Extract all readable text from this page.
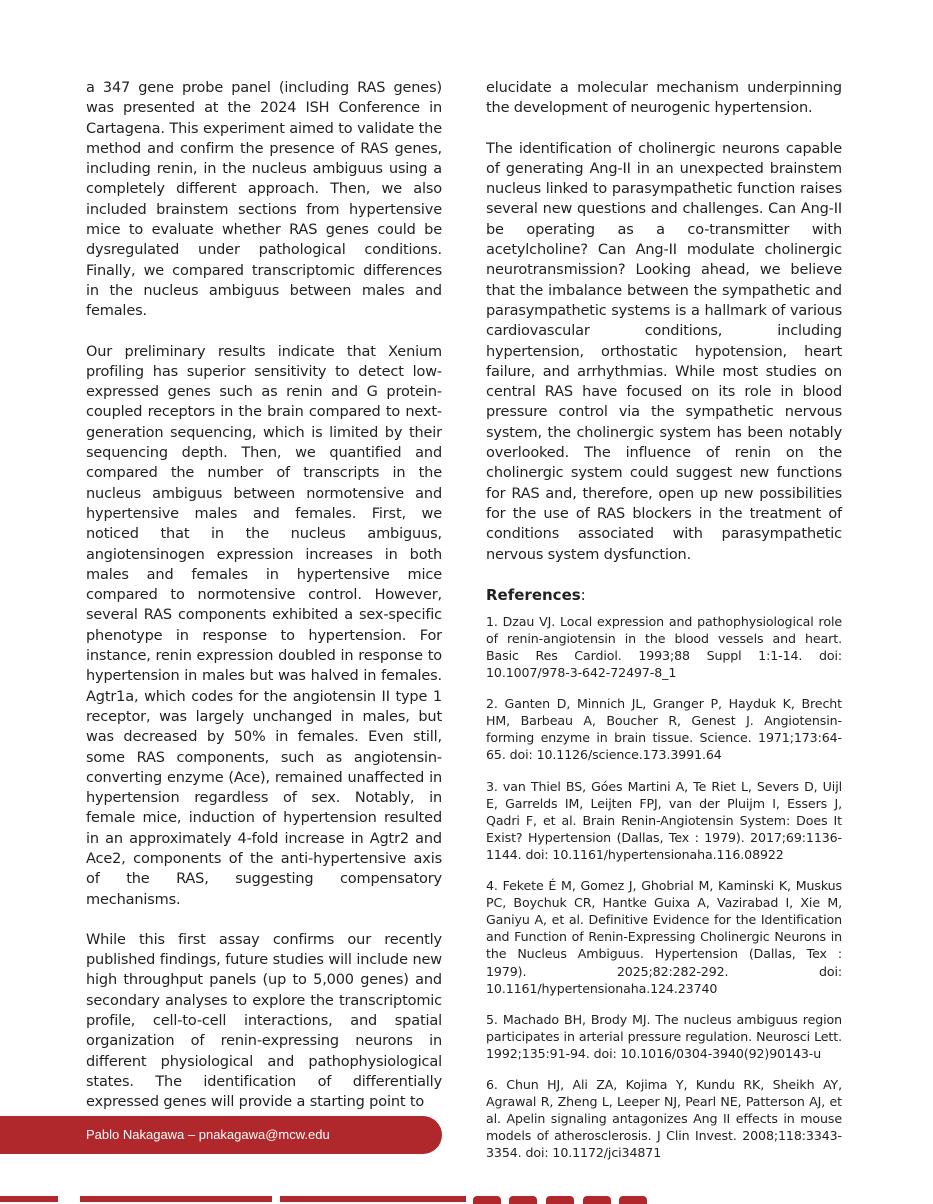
a 347 gene probe panel (including RAS genes) was presented at the 2024 ISH Conference in Cartagena. This experiment aimed to validate the method and confirm the presence of RAS genes, including renin, in the nucleus ambiguus using a completely different approach. Then, we also included brainstem sections from hypertensive mice to evaluate whether RAS genes could be dysregulated under pathological conditions. Finally, we compared transcriptomic differences in the nucleus ambiguus between males and females.

Our preliminary results indicate that Xenium profiling has superior sensitivity to detect low-expressed genes such as renin and G protein-coupled receptors in the brain compared to next-generation sequencing, which is limited by their sequencing depth. Then, we quantified and compared the number of transcripts in the nucleus ambiguus between normotensive and hypertensive males and females. First, we noticed that in the nucleus ambiguus, angiotensinogen expression increases in both males and females in hypertensive mice compared to normotensive control. However, several RAS components exhibited a sex-specific phenotype in response to hypertension. For instance, renin expression doubled in response to hypertension in males but was halved in females. Agtr1a, which codes for the angiotensin II type 1 receptor, was largely unchanged in males, but was decreased by 50% in females. Even still, some RAS components, such as angiotensin-converting enzyme (Ace), remained unaffected in hypertension regardless of sex. Notably, in female mice, induction of hypertension resulted in an approximately 4-fold increase in Agtr2 and Ace2, components of the anti-hypertensive axis of the RAS, suggesting compensatory mechanisms.

While this first assay confirms our recently published findings, future studies will include new high throughput panels (up to 5,000 genes) and secondary analyses to explore the transcriptomic profile, cell-to-cell interactions, and spatial organization of renin-expressing neurons in different physiological and pathophysiological states. The identification of differentially expressed genes will provide a starting point to

elucidate a molecular mechanism underpinning the development of neurogenic hypertension.

The identification of cholinergic neurons capable of generating Ang-II in an unexpected brainstem nucleus linked to parasympathetic function raises several new questions and challenges. Can Ang-II be operating as a co-transmitter with acetylcholine? Can Ang-II modulate cholinergic neurotransmission? Looking ahead, we believe that the imbalance between the sympathetic and parasympathetic systems is a hallmark of various cardiovascular conditions, including hypertension, orthostatic hypotension, heart failure, and arrhythmias. While most studies on central RAS have focused on its role in blood pressure control via the sympathetic nervous system, the cholinergic system has been notably overlooked. The influence of renin on the cholinergic system could suggest new functions for RAS and, therefore, open up new possibilities for the use of RAS blockers in the treatment of conditions associated with parasympathetic nervous system dysfunction.

References:

1. Dzau VJ. Local expression and pathophysiological role of renin-angiotensin in the blood vessels and heart. Basic Res Cardiol. 1993;88 Suppl 1:1-14. doi: 10.1007/978-3-642-72497-8_1

2. Ganten D, Minnich JL, Granger P, Hayduk K, Brecht HM, Barbeau A, Boucher R, Genest J. Angiotensin-forming enzyme in brain tissue. Science. 1971;173:64-65. doi: 10.1126/science.173.3991.64

3. van Thiel BS, Góes Martini A, Te Riet L, Severs D, Uijl E, Garrelds IM, Leijten FPJ, van der Pluijm I, Essers J, Qadri F, et al. Brain Renin-Angiotensin System: Does It Exist? Hypertension (Dallas, Tex : 1979). 2017;69:1136-1144. doi: 10.1161/hypertensionaha.116.08922

4. Fekete É M, Gomez J, Ghobrial M, Kaminski K, Muskus PC, Boychuk CR, Hantke Guixa A, Vazirabad I, Xie M, Ganiyu A, et al. Definitive Evidence for the Identification and Function of Renin-Expressing Cholinergic Neurons in the Nucleus Ambiguus. Hypertension (Dallas, Tex : 1979). 2025;82:282-292. doi: 10.1161/hypertensionaha.124.23740

5. Machado BH, Brody MJ. The nucleus ambiguus region participates in arterial pressure regulation. Neurosci Lett. 1992;135:91-94. doi: 10.1016/0304-3940(92)90143-u

6. Chun HJ, Ali ZA, Kojima Y, Kundu RK, Sheikh AY, Agrawal R, Zheng L, Leeper NJ, Pearl NE, Patterson AJ, et al. Apelin signaling antagonizes Ang II effects in mouse models of atherosclerosis. J Clin Invest. 2008;118:3343-3354. doi: 10.1172/jci34871

Pablo Nakagawa – pnakagawa@mcw.edu
